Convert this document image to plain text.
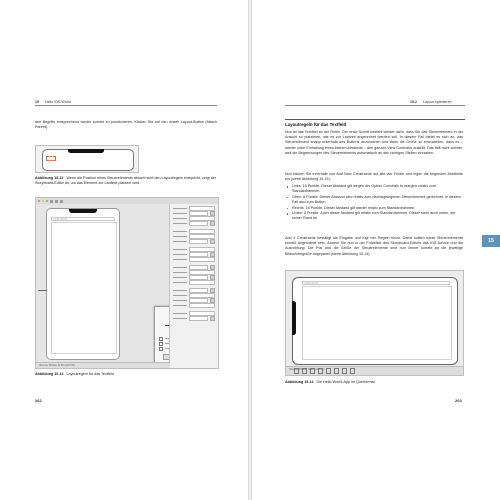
15 Hello iOS-World

den Begriffs entsprechend wieder korrekt zu positionieren. Klicken Sie auf den ersten Layout-Button (Attach Parent).

Abbildung 15.12 Wenn die Position eines Steuerelements aktuell nicht den Layoutregeln entspricht, zeigt der Storyboard-Editor an, wo das Element zur Laufzeit platziert wird.

Hello World
View as: iPhone 11 Pro (wC hR)

Abbildung 15.13 Layoutregeln für das Textfeld

262
15.2 Layout optimieren
Layoutregeln für das Textfeld

Nun ist das Textfeld an der Reihe. Der erste Schritt besteht wieder darin, dass Sie das Steuerelement in der Ansicht so platzieren, wie es zur Laufzeit angeordnet werden soll. In diesem Fall bietet es sich an, das Steuerelement knapp unterhalb des Buttons anzuordnen und dann die Größe so einzustellen, dass es – wieder unter Einhaltung eines kleinen Abstands – den ganzen View Controller ausfüllt. Das fällt nicht schwer, weil die Begrenzungen des Steuerelements automatisch an den richtigen Stellen einrasten.

Nun klicken Sie innerhalb von Add New Constraints auf alle vier Felder und legen die folgenden Abstände ein (siehe Abbildung 15.13):

Links: 16 Punkte. Dieser Abstand gilt wegen der Option Constrain to margins relativ zum Standardrahmen.
Oben: 8 Punkte. Dieser Abstand wird relativ zum nächstgelegenen Steuerelement gerechnet, in diesem Fall also zum Button.
Rechts: 16 Punkte. Dieser Abstand gilt wieder relativ zum Standardrahmen.
Unten: 0 Punkte. Auch dieser Abstand gilt relativ zum Standardrahmen. Dieser steht auch unten, der keiner Rand ist.

Add 4 Constraints bestätigt die Eingabe und fügt vier Regeln hinzu. Damit sollten beide Steuerelemente korrekt angeordnet sein. Ändern Sie nun in der Fußleiste des Storyboard-Editors das iOS-Device und die Ausrichtung. Die Pos und die Größe der Steuerelemente sind nun immer korrekt an die jeweilige Bildschirmgröße angepasst (siehe Abbildung 15.14).

15
Hello World
View as: iPhone 11 Pro (wC hC)

Abbildung 15.14 Die Hello-World-App im Querformat

263
